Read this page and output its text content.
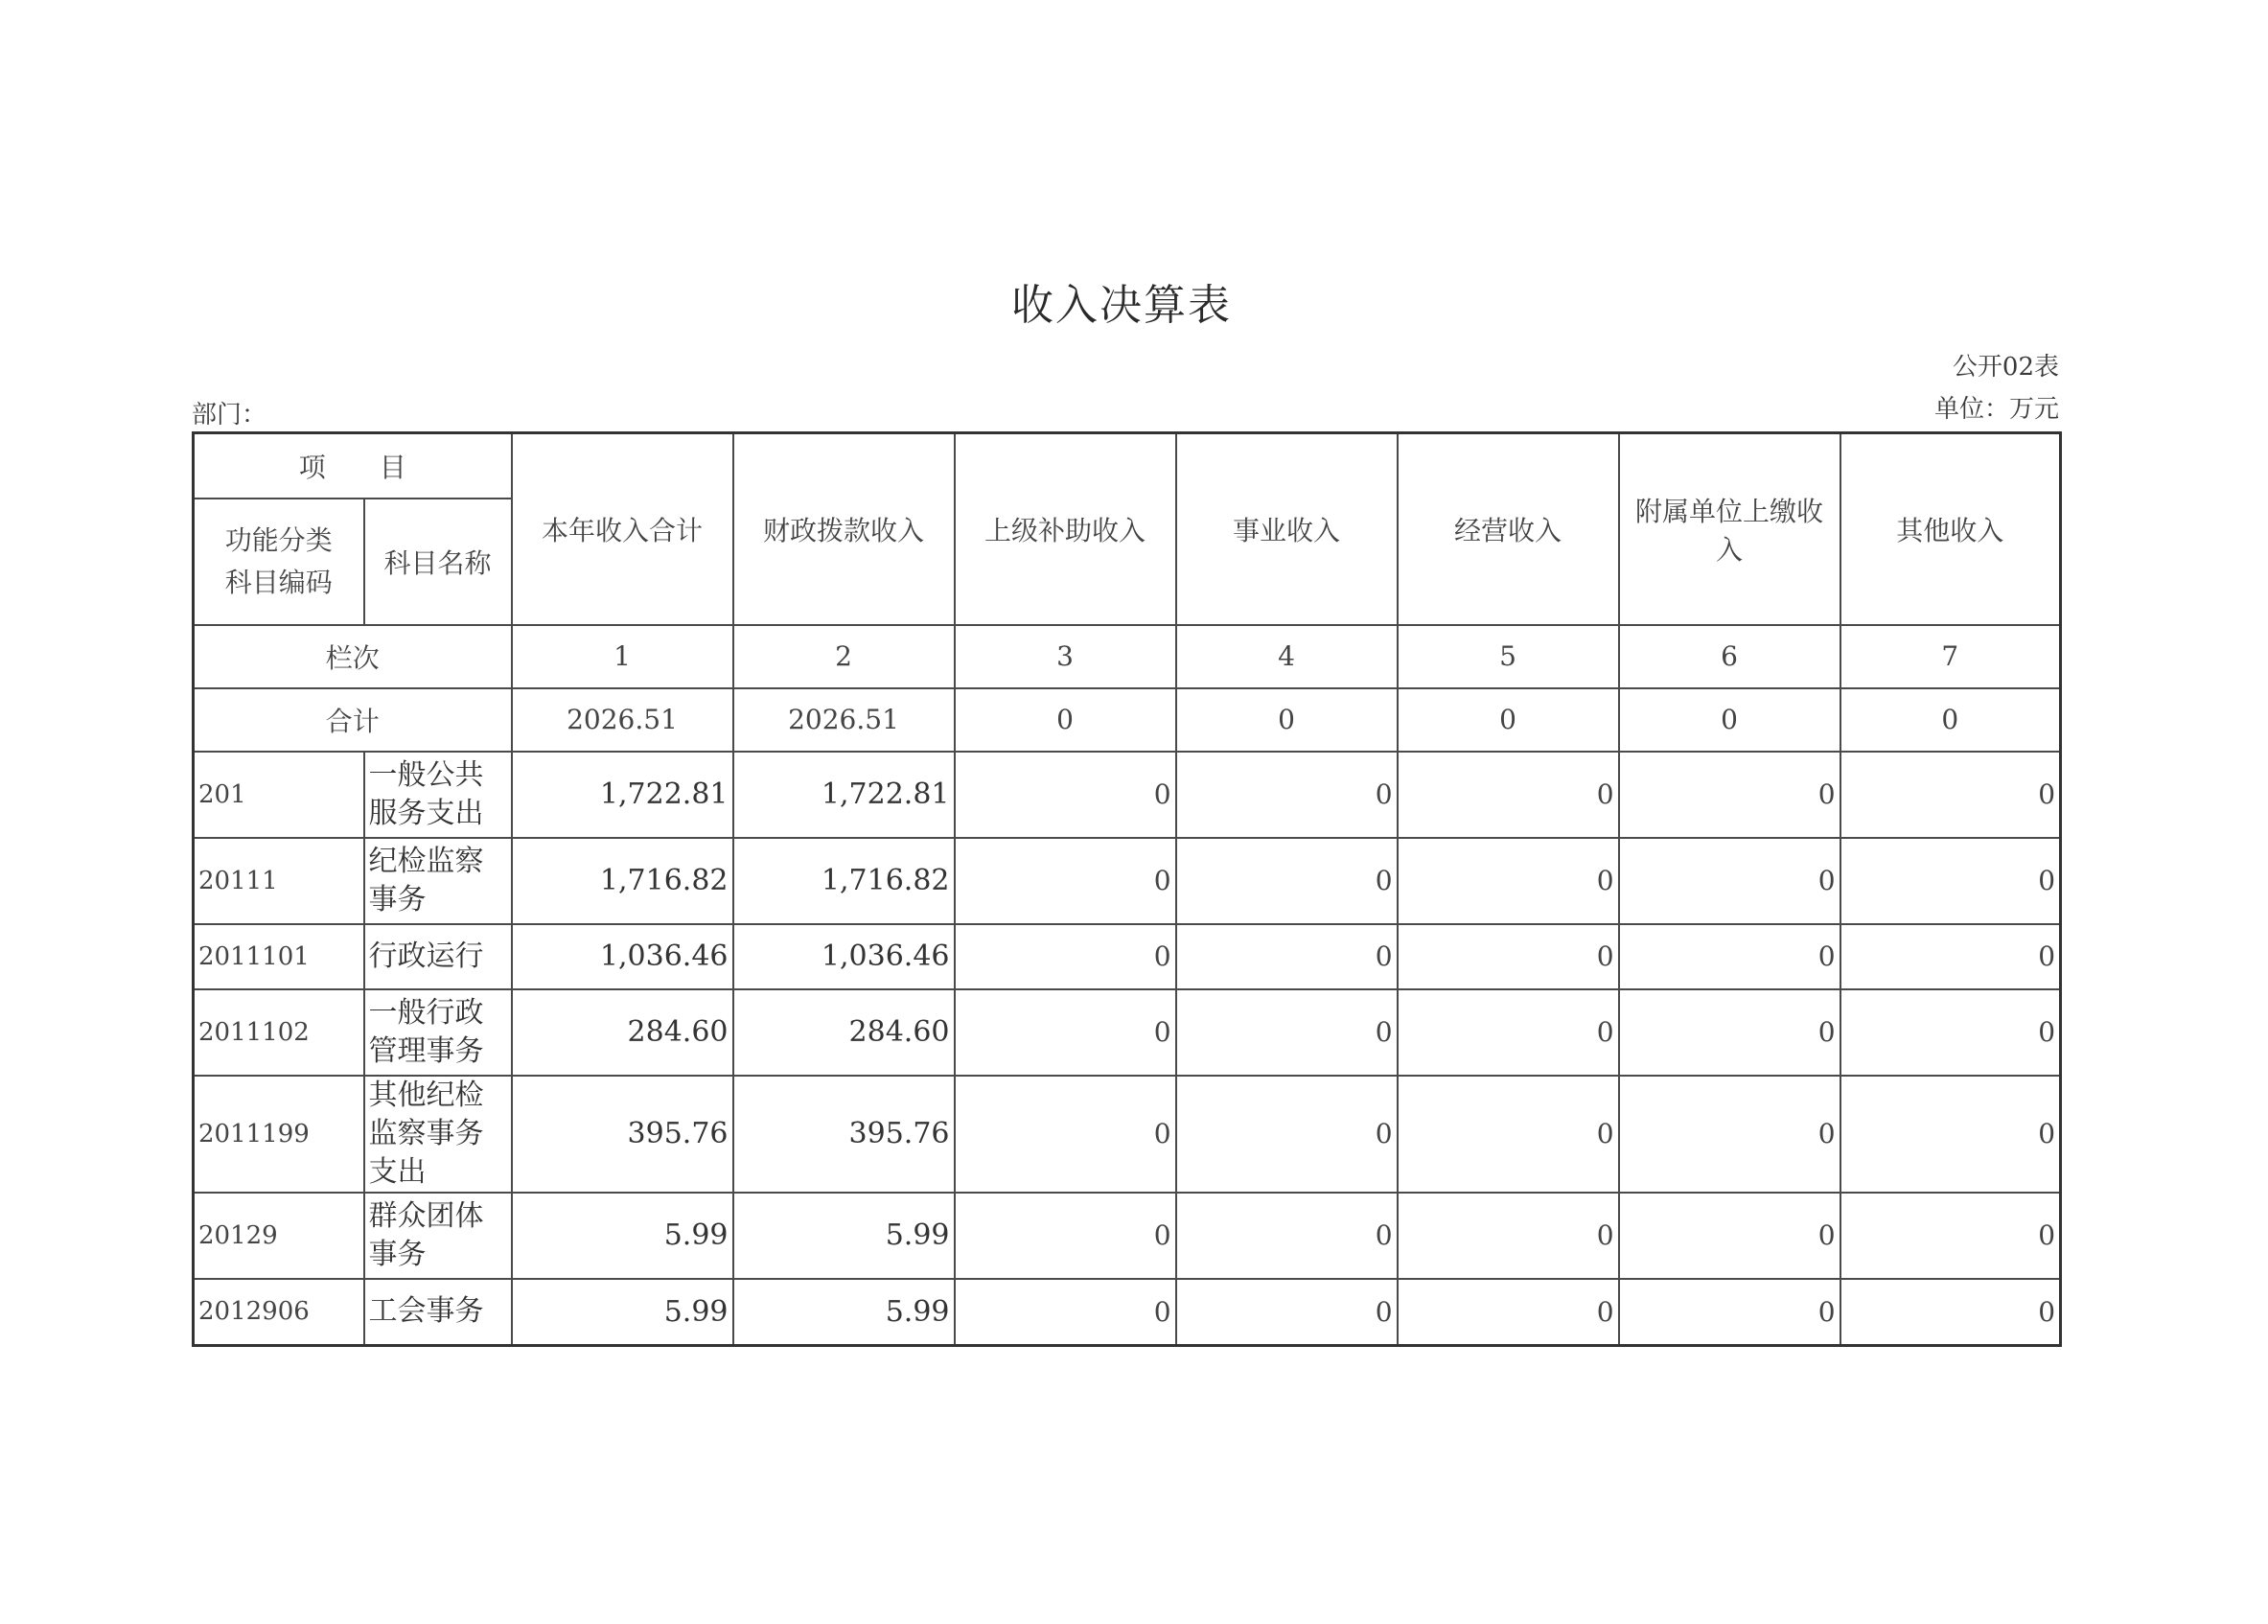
收入决算表
公开02表
单位：万元
部门：
项　　目		本年收入合计	财政拨款收入	上级补助收入	事业收入	经营收入	附属单位上缴收入	其他收入

功能分类
科目编码	科目名称							
栏次		1	2	3	4	5	6	7
合计		2026.51	2026.51	0	0	0	0	0
201	一般公共服务支出	1,722.81	1,722.81	0	0	0	0	0
20111	纪检监察事务	1,716.82	1,716.82	0	0	0	0	0
2011101	行政运行	1,036.46	1,036.46	0	0	0	0	0
2011102	一般行政管理事务	284.60	284.60	0	0	0	0	0
2011199	其他纪检监察事务支出	395.76	395.76	0	0	0	0	0
20129	群众团体事务	5.99	5.99	0	0	0	0	0
2012906	工会事务	5.99	5.99	0	0	0	0	0
